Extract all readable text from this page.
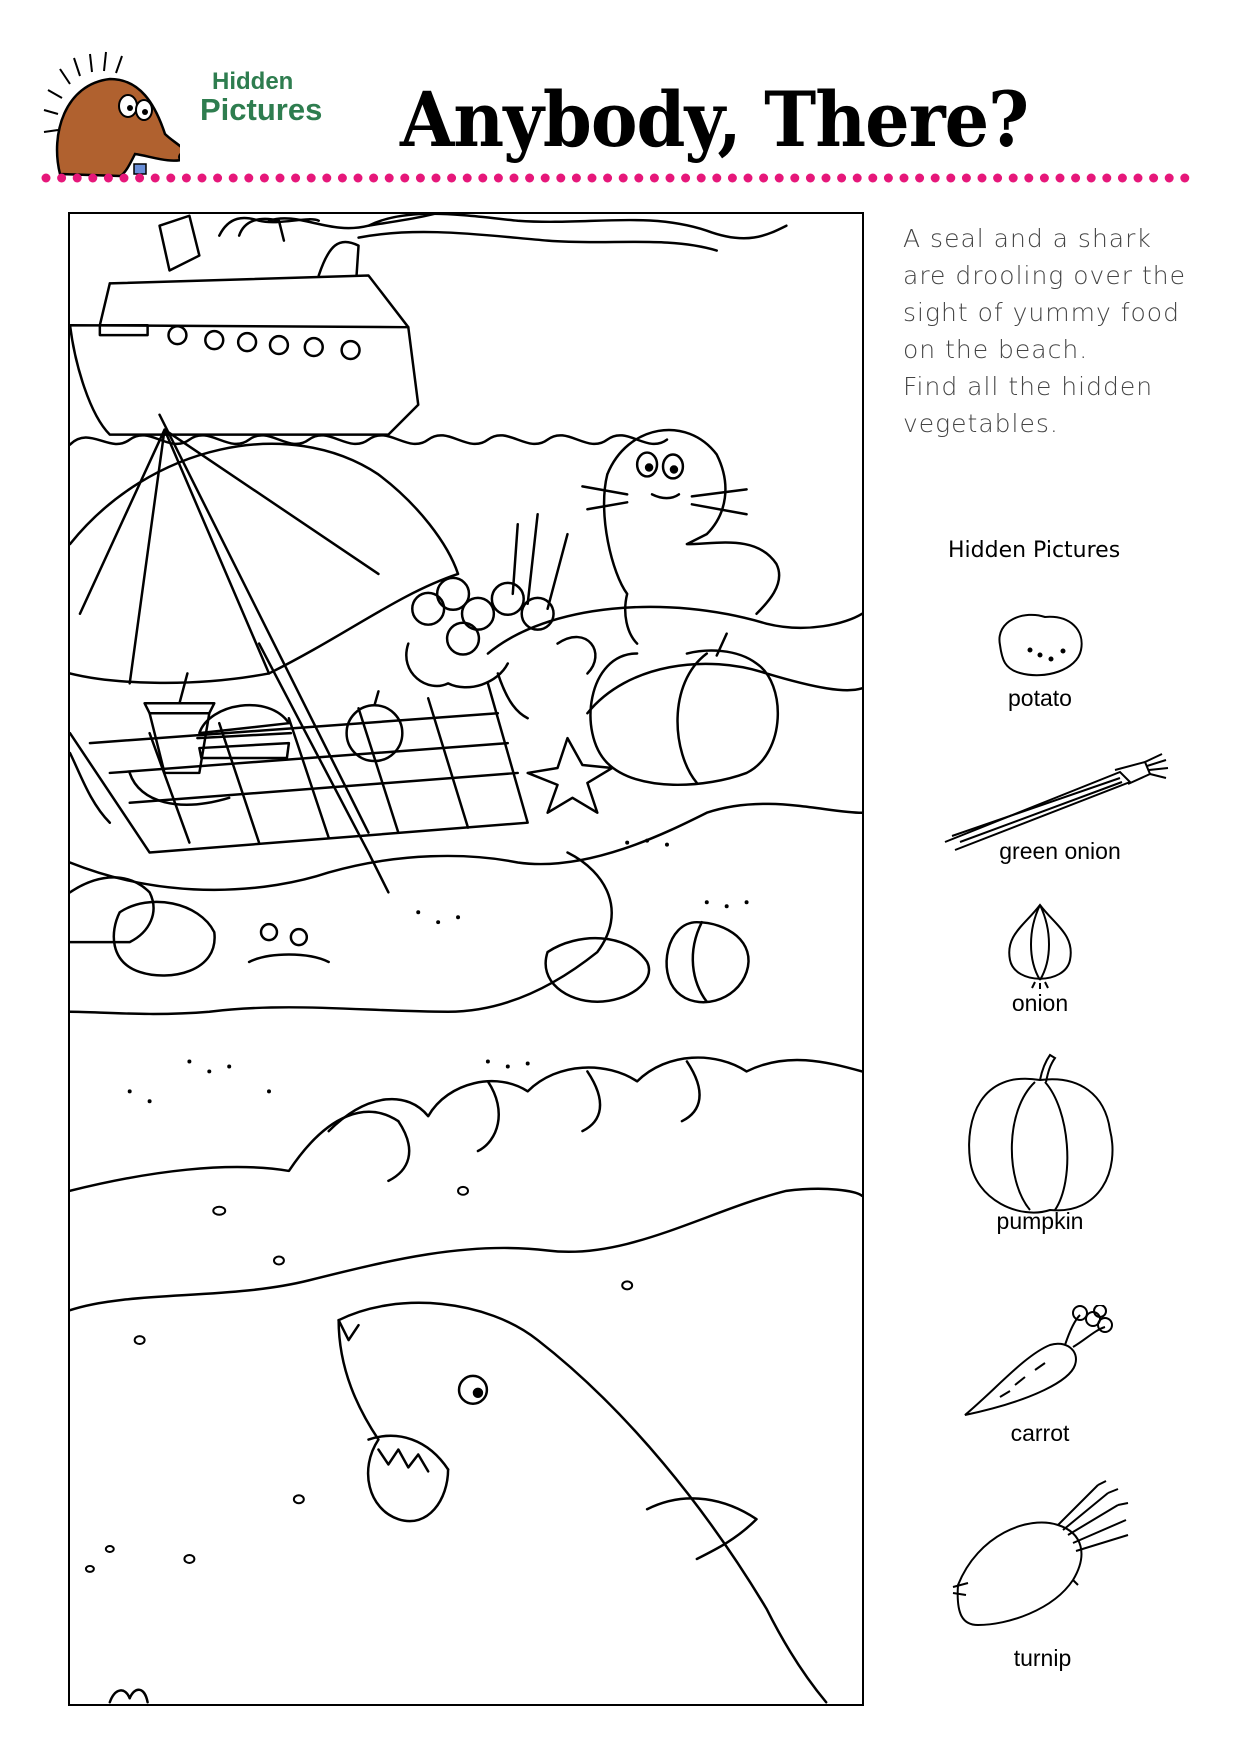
Hidden
Pictures Anybody, There?

A seal and a shark

are drooling over the

sight of yummy food

on the beach.

Find all the hidden

vegetables.

Hidden Pictures
potato
green onion
onion
pumpkin
carrot
turnip
